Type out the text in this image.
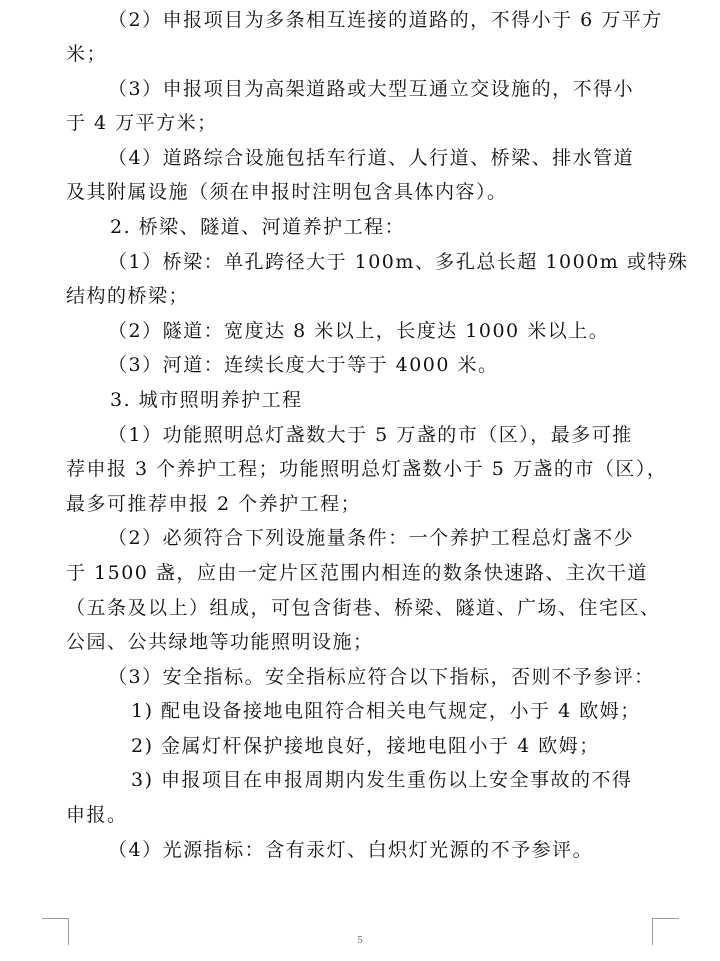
（2）申报项目为多条相互连接的道路的，不得小于 6 万平方
米；
（3）申报项目为高架道路或大型互通立交设施的，不得小
于 4 万平方米；
（4）道路综合设施包括车行道、人行道、桥梁、排水管道
及其附属设施（须在申报时注明包含具体内容）。
2. 桥梁、隧道、河道养护工程：
（1）桥梁：单孔跨径大于 100m、多孔总长超 1000m 或特殊
结构的桥梁；
（2）隧道：宽度达 8 米以上，长度达 1000 米以上。
（3）河道：连续长度大于等于 4000 米。
3. 城市照明养护工程
（1）功能照明总灯盏数大于 5 万盏的市（区），最多可推
荐申报 3 个养护工程；功能照明总灯盏数小于 5 万盏的市（区），
最多可推荐申报 2 个养护工程；
（2）必须符合下列设施量条件：一个养护工程总灯盏不少
于 1500 盏，应由一定片区范围内相连的数条快速路、主次干道
（五条及以上）组成，可包含街巷、桥梁、隧道、广场、住宅区、
公园、公共绿地等功能照明设施；
（3）安全指标。安全指标应符合以下指标，否则不予参评：
1) 配电设备接地电阻符合相关电气规定，小于 4 欧姆；
2) 金属灯杆保护接地良好，接地电阻小于 4 欧姆；
3) 申报项目在申报周期内发生重伤以上安全事故的不得
申报。
（4）光源指标：含有汞灯、白炽灯光源的不予参评。
5
